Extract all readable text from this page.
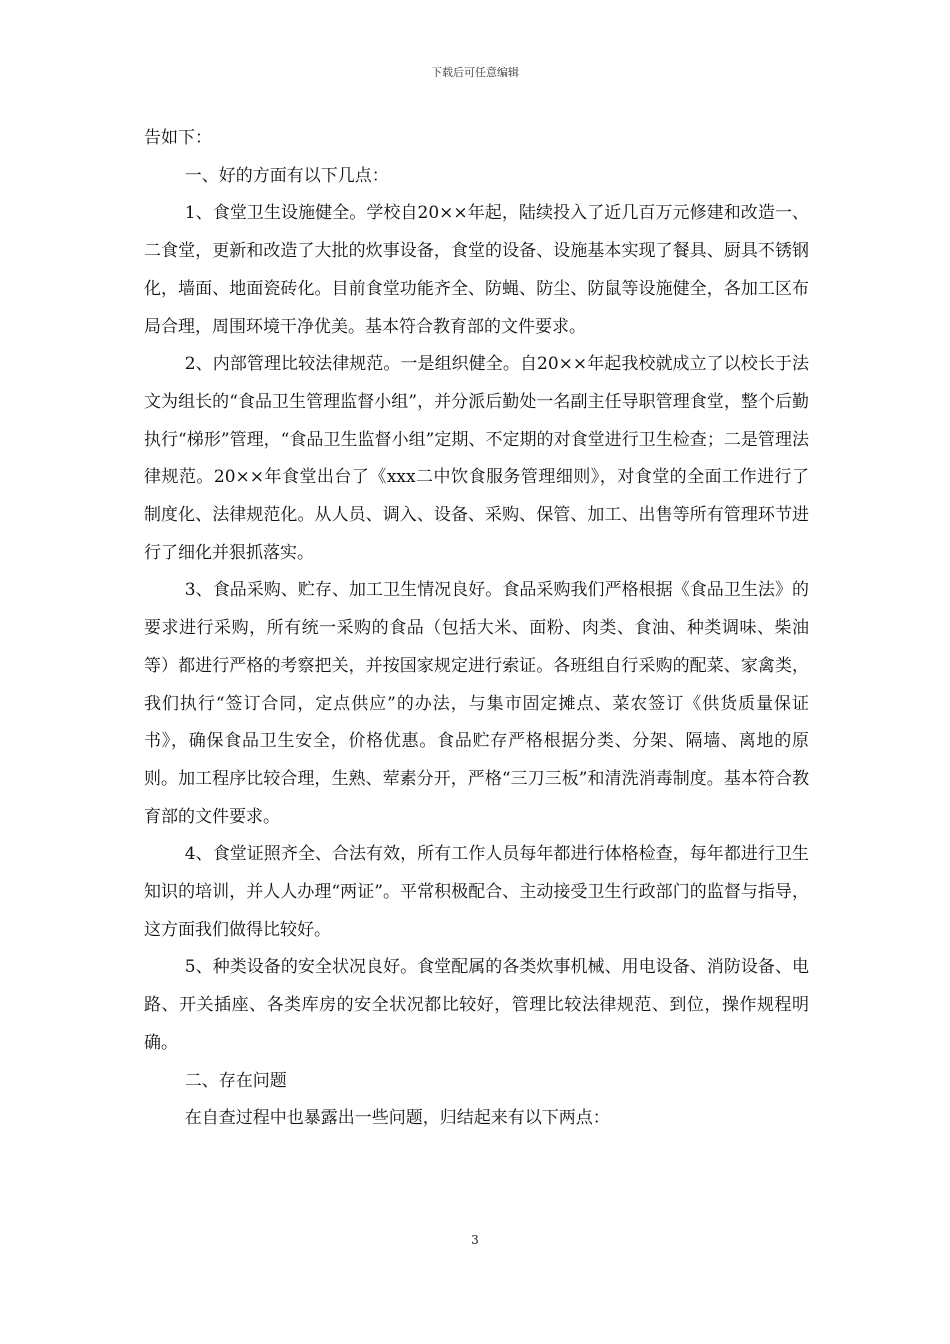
下载后可任意编辑

告如下：

一、好的方面有以下几点：

1、食堂卫生设施健全。学校自20××年起，陆续投入了近几百万元修建和改造一、二食堂，更新和改造了大批的炊事设备，食堂的设备、设施基本实现了餐具、厨具不锈钢化，墙面、地面瓷砖化。目前食堂功能齐全、防蝇、防尘、防鼠等设施健全，各加工区布局合理，周围环境干净优美。基本符合教育部的文件要求。

2、内部管理比较法律规范。一是组织健全。自20××年起我校就成立了以校长于法文为组长的“食品卫生管理监督小组”，并分派后勤处一名副主任导职管理食堂，整个后勤执行“梯形”管理，“食品卫生监督小组”定期、不定期的对食堂进行卫生检查；二是管理法律规范。20××年食堂出台了《xxx二中饮食服务管理细则》，对食堂的全面工作进行了制度化、法律规范化。从人员、调入、设备、采购、保管、加工、出售等所有管理环节进行了细化并狠抓落实。

3、食品采购、贮存、加工卫生情况良好。食品采购我们严格根据《食品卫生法》的要求进行采购，所有统一采购的食品（包括大米、面粉、肉类、食油、种类调味、柴油等）都进行严格的考察把关，并按国家规定进行索证。各班组自行采购的配菜、家禽类，我们执行“签订合同，定点供应”的办法，与集市固定摊点、菜农签订《供货质量保证书》，确保食品卫生安全，价格优惠。食品贮存严格根据分类、分架、隔墙、离地的原则。加工程序比较合理，生熟、荤素分开，严格“三刀三板”和清洗消毒制度。基本符合教育部的文件要求。

4、食堂证照齐全、合法有效，所有工作人员每年都进行体格检查，每年都进行卫生知识的培训，并人人办理“两证”。平常积极配合、主动接受卫生行政部门的监督与指导，这方面我们做得比较好。

5、种类设备的安全状况良好。食堂配属的各类炊事机械、用电设备、消防设备、电路、开关插座、各类库房的安全状况都比较好，管理比较法律规范、到位，操作规程明确。

二、存在问题

在自查过程中也暴露出一些问题，归结起来有以下两点：

3
